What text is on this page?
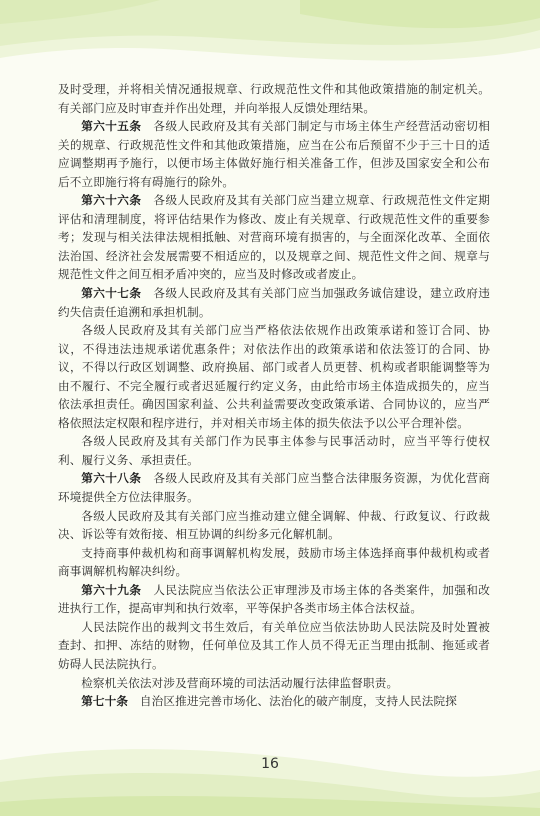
及时受理，并将相关情况通报规章、行政规范性文件和其他政策措施的制定机关。有关部门应及时审查并作出处理，并向举报人反馈处理结果。

第六十五条　 各级人民政府及其有关部门制定与市场主体生产经营活动密切相关的规章、行政规范性文件和其他政策措施，应当在公布后预留不少于三十日的适应调整期再予施行，以便市场主体做好施行相关准备工作，但涉及国家安全和公布后不立即施行将有碍施行的除外。

第六十六条　 各级人民政府及其有关部门应当建立规章、行政规范性文件定期评估和清理制度，将评估结果作为修改、废止有关规章、行政规范性文件的重要参考；发现与相关法律法规相抵触、对营商环境有损害的，与全面深化改革、全面依法治国、经济社会发展需要不相适应的，以及规章之间、规范性文件之间、规章与规范性文件之间互相矛盾冲突的，应当及时修改或者废止。

第六十七条　 各级人民政府及其有关部门应当加强政务诚信建设，建立政府违约失信责任追溯和承担机制。

各级人民政府及其有关部门应当严格依法依规作出政策承诺和签订合同、协议，不得违法违规承诺优惠条件；对依法作出的政策承诺和依法签订的合同、协议，不得以行政区划调整、政府换届、部门或者人员更替、机构或者职能调整等为由不履行、不完全履行或者迟延履行约定义务，由此给市场主体造成损失的，应当依法承担责任。确因国家利益、公共利益需要改变政策承诺、合同协议的，应当严格依照法定权限和程序进行，并对相关市场主体的损失依法予以公平合理补偿。

各级人民政府及其有关部门作为民事主体参与民事活动时，应当平等行使权利、履行义务、承担责任。

第六十八条　 各级人民政府及其有关部门应当整合法律服务资源，为优化营商环境提供全方位法律服务。

各级人民政府及其有关部门应当推动建立健全调解、仲裁、行政复议、行政裁决、诉讼等有效衔接、相互协调的纠纷多元化解机制。

支持商事仲裁机构和商事调解机构发展，鼓励市场主体选择商事仲裁机构或者商事调解机构解决纠纷。

第六十九条　 人民法院应当依法公正审理涉及市场主体的各类案件，加强和改进执行工作，提高审判和执行效率，平等保护各类市场主体合法权益。

人民法院作出的裁判文书生效后，有关单位应当依法协助人民法院及时处置被查封、扣押、冻结的财物，任何单位及其工作人员不得无正当理由抵制、拖延或者妨碍人民法院执行。

检察机关依法对涉及营商环境的司法活动履行法律监督职责。

第七十条　 自治区推进完善市场化、法治化的破产制度，支持人民法院探

16
